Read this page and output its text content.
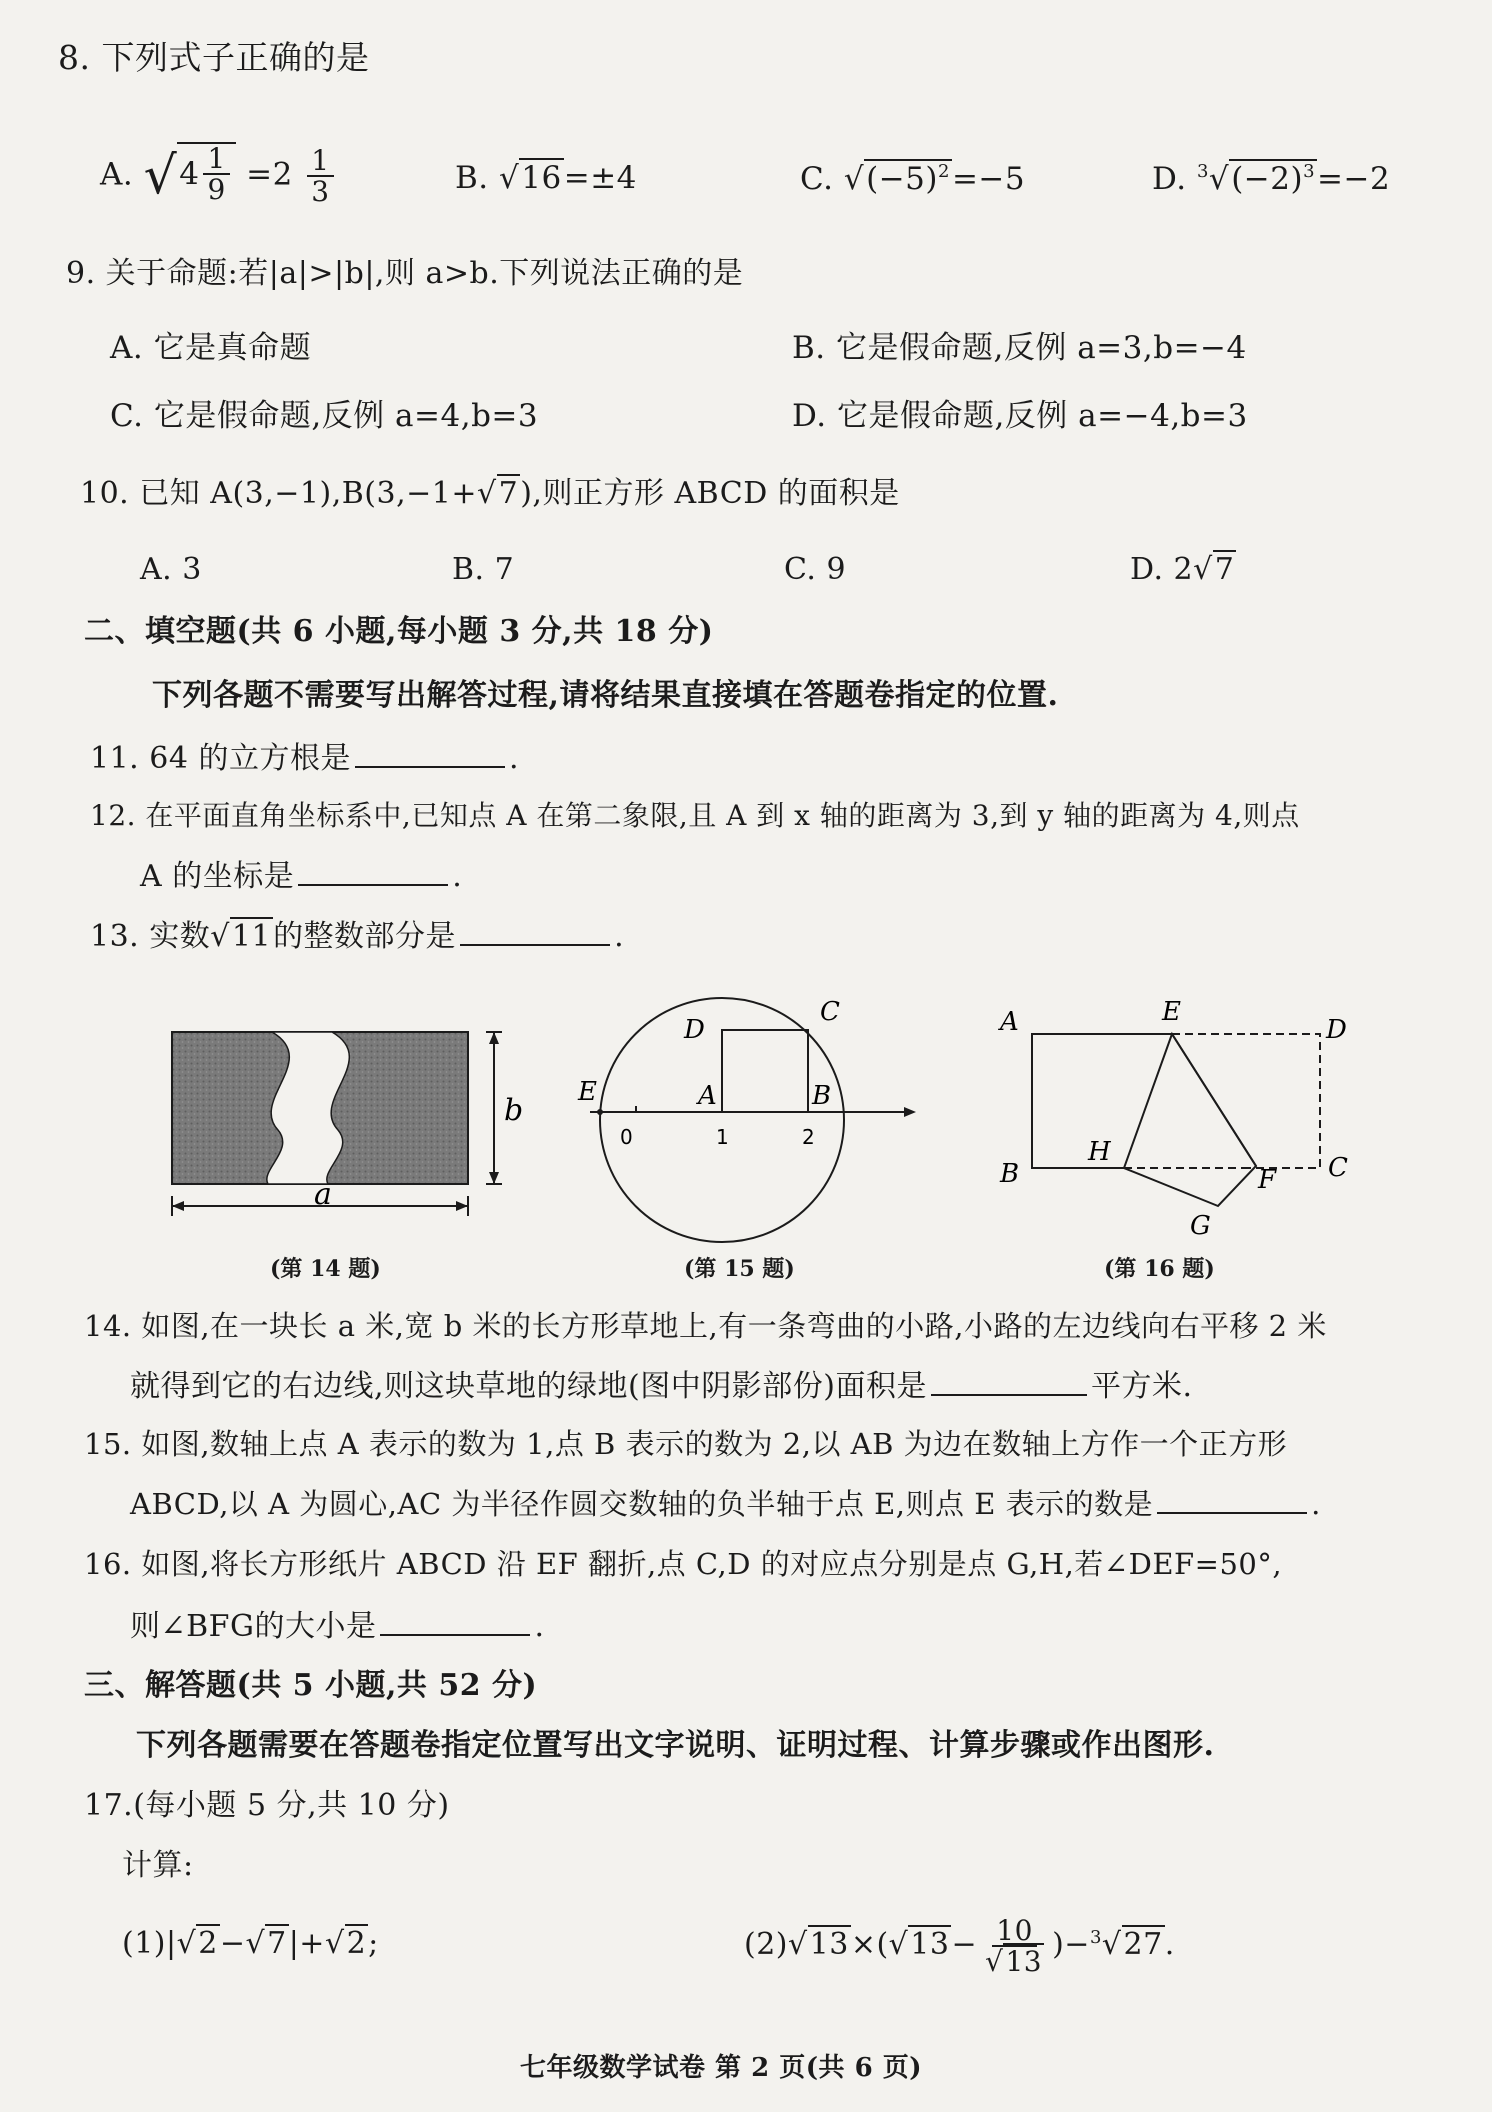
8. 下列式子正确的是
A. √ $4 \frac{1}{9} =2 \frac{1}{3}$	B. √16=±4	C. $√(-5)^2=-5$	D. $^3√(-2)^3=-2$
9. 关于命题:若|a|>|b|,则 a>b.下列说法正确的是
A. 它是真命题	B. 它是假命题,反例 a=3,b=−4
C. 它是假命题,反例 a=4,b=3	D. 它是假命题,反例 a=−4,b=3
10. 已知 A(3,−1),B(3,−1+√7),则正方形 ABCD 的面积是
A. 3	B. 7	C. 9	D. 2√7
二、填空题(共 6 小题,每小题 3 分,共 18 分)
下列各题不需要写出解答过程,请将结果直接填在答题卷指定的位置.
11. 64 的立方根是	.
12. 在平面直角坐标系中,已知点 A 在第二象限,且 A 到 x 轴的距离为 3,到 y 轴的距离为 4,则点
A 的坐标是	.
13. 实数√11的整数部分是	.
b
a
(第 14 题)
0	1	2
D
C
E	A	B
(第 15 题)
A
B	C
D
E
F
G
H
(第 16 题)
14. 如图,在一块长 a 米,宽 b 米的长方形草地上,有一条弯曲的小路,小路的左边线向右平移 2 米
就得到它的右边线,则这块草地的绿地(图中阴影部份)面积是	平方米.
15. 如图,数轴上点 A 表示的数为 1,点 B 表示的数为 2,以 AB 为边在数轴上方作一个正方形
ABCD,以 A 为圆心,AC 为半径作圆交数轴的负半轴于点 E,则点 E 表示的数是	.
16. 如图,将长方形纸片 ABCD 沿 EF 翻折,点 C,D 的对应点分别是点 G,H,若∠DEF=50°,
则∠BFG的大小是	.
三、解答题(共 5 小题,共 52 分)
下列各题需要在答题卷指定位置写出文字说明、证明过程、计算步骤或作出图形.
17.(每小题 5 分,共 10 分)
计算:
(1)|√2−√7|+√2;	$(2)√13\times(√13- \frac{10}{√13} )-^3√27$.
七年级数学试卷 第 2 页(共 6 页)
